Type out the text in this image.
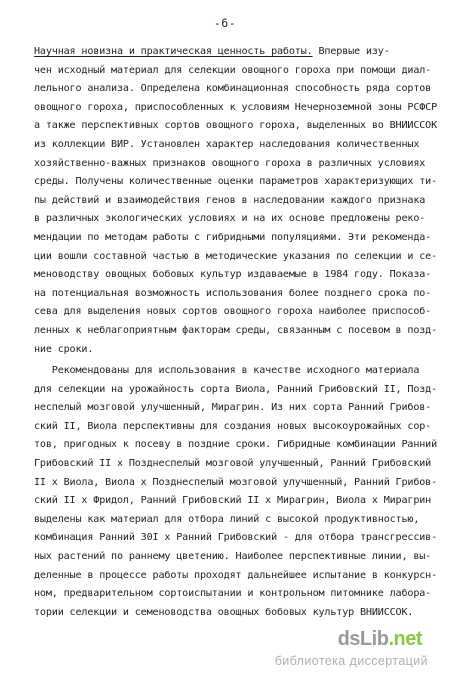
-6-
Научная новизна и практическая ценность работы. Впервые изу-
чен исходный материал для селекции овощного гороха при помощи диал-
лельного анализа. Определена комбинационная способность ряда сортов
овощного гороха, приспособленных к условиям Нечерноземной зоны РСФСР
а также перспективных сортов овощного гороха, выделенных во ВНИИССОК
из коллекции ВИР. Установлен характер наследования количественных
хозяйственно-важных признаков овощного гороха в различных условиях
среды. Получены количественные оценки параметров характеризующих ти-
пы действий и взаимодействия генов в наследовании каждого признака
в различных экологических условиях и на их основе предложены реко-
мендации по методам работы с гибридными популяциями. Эти рекоменда-
ции вошли составной частью в методические указания по селекции и се-
меноводству овощных бобовых культур издаваемые в 1984 году. Показа-
на потенциальная возможность использования более позднего срока по-
сева для выделения новых сортов овощного гороха наиболее приспособ-
ленных к неблагоприятным факторам среды, связанным с посевом в позд-
ние сроки.
Рекомендованы для использования в качестве исходного материала
для селекции на урожайность сорта Виола, Ранний Грибовский II, Позд-
неспелый мозговой улучшенный, Мирагрин. Из них сорта Ранний Грибов-
ский II, Виола перспективны для создания новых высокоурожайных сор-
тов, пригодных к посеву в поздние сроки. Гибридные комбинации Ранний
Грибовский II х Позднеспелый мозговой улучшенный, Ранний Грибовский
II х Виола, Виола х Позднеспелый мозговой улучшенный, Ранний Грибов-
ский II х Фридол, Ранний Грибовский II х Мирагрин, Виола х Мирагрин
выделены как материал для отбора линий с высокой продуктивностью,
комбинация Ранний 30I х Ранний Грибовский - для отбора трансгрессив-
ных растений по раннему цветению. Наиболее перспективные линии, вы-
деленные в процессе работы проходят дальнейшее испытание в конкурсн-
ном, предварительном сортоиспытании и контрольном питомнике лабора-
тории селекции и семеноводства овощных бобовых культур ВНИИССОК.
dsLib.net
библиотека диссертаций
